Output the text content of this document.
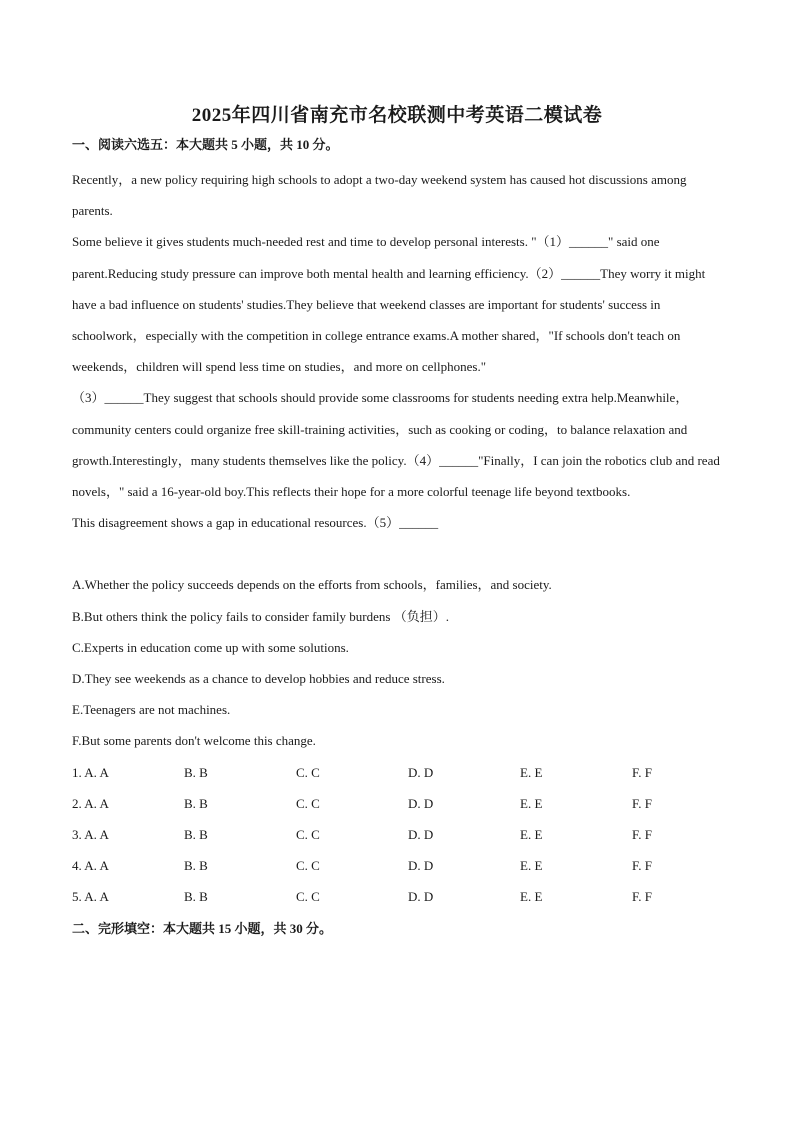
2025年四川省南充市名校联测中考英语二模试卷

一、阅读六选五：本大题共 5 小题，共 10 分。

Recently，a new policy requiring high schools to adopt a two-day weekend system has caused hot discussions among parents.

Some believe it gives students much-needed rest and time to develop personal interests. "（1）______" said one parent.Reducing study pressure can improve both mental health and learning efficiency.（2）______They worry it might have a bad influence on students' studies.They believe that weekend classes are important for students' success in schoolwork，especially with the competition in college entrance exams.A mother shared，"If schools don't teach on weekends，children will spend less time on studies，and more on cellphones."

（3）______They suggest that schools should provide some classrooms for students needing extra help.Meanwhile，community centers could organize free skill-training activities，such as cooking or coding，to balance relaxation and growth.Interestingly，many students themselves like the policy.（4）______"Finally，I can join the robotics club and read novels，" said a 16-year-old boy.This reflects their hope for a more colorful teenage life beyond textbooks.

This disagreement shows a gap in educational resources.（5）______

A.Whether the policy succeeds depends on the efforts from schools，families，and society.

B.But others think the policy fails to consider family burdens （负担）.

C.Experts in education come up with some solutions.

D.They see weekends as a chance to develop hobbies and reduce stress.

E.Teenagers are not machines.

F.But some parents don't welcome this change.

1. A. A	B. B	C. C	D. D	E. E	F. F
2. A. A	B. B	C. C	D. D	E. E	F. F
3. A. A	B. B	C. C	D. D	E. E	F. F
4. A. A	B. B	C. C	D. D	E. E	F. F
5. A. A	B. B	C. C	D. D	E. E	F. F

二、完形填空：本大题共 15 小题，共 30 分。
